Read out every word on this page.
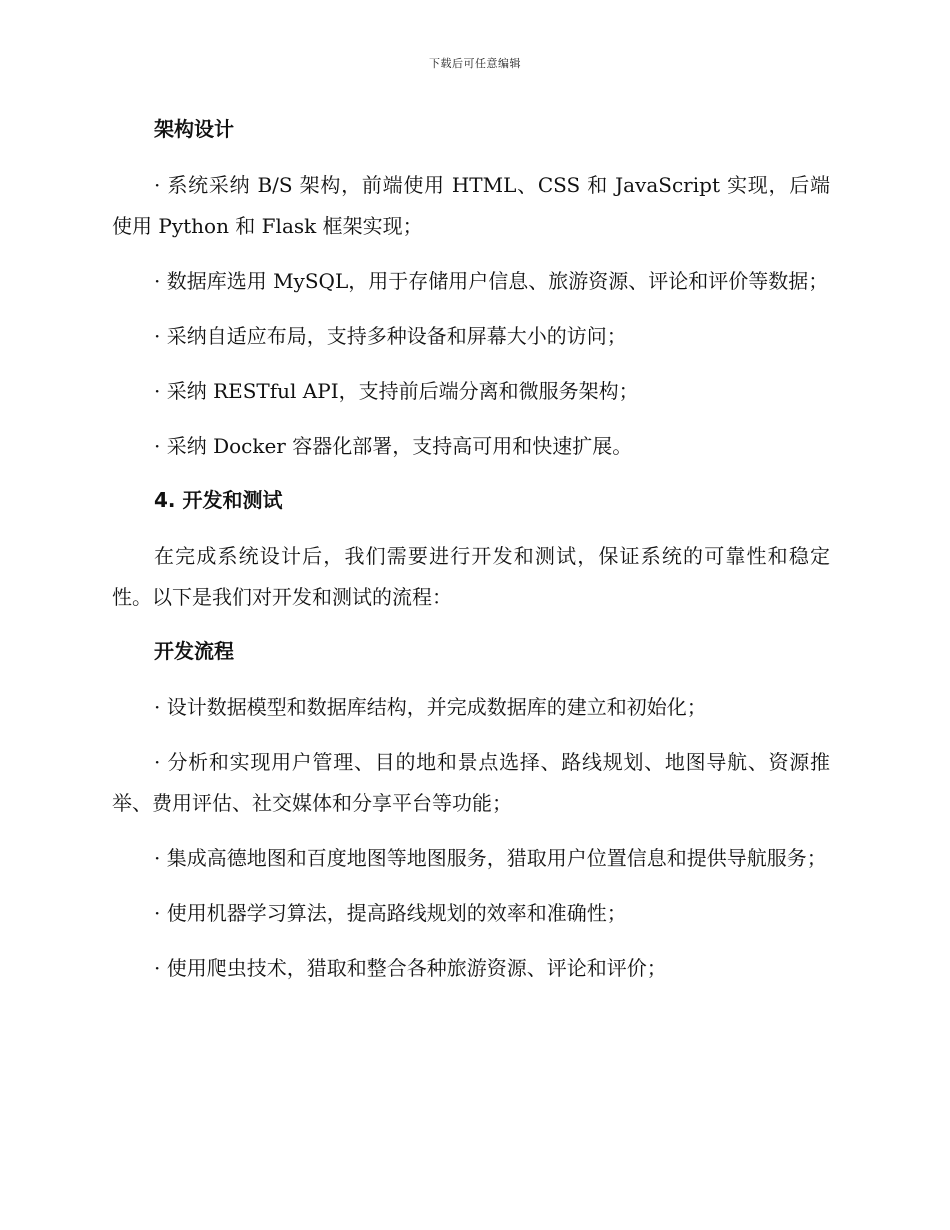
下载后可任意编辑
架构设计
· 系统采纳 B/S 架构，前端使用 HTML、CSS 和 JavaScript 实现，后端使用 Python 和 Flask 框架实现；
· 数据库选用 MySQL，用于存储用户信息、旅游资源、评论和评价等数据；
· 采纳自适应布局，支持多种设备和屏幕大小的访问；
· 采纳 RESTful API，支持前后端分离和微服务架构；
· 采纳 Docker 容器化部署，支持高可用和快速扩展。
4. 开发和测试
在完成系统设计后，我们需要进行开发和测试，保证系统的可靠性和稳定性。以下是我们对开发和测试的流程：
开发流程
· 设计数据模型和数据库结构，并完成数据库的建立和初始化；
· 分析和实现用户管理、目的地和景点选择、路线规划、地图导航、资源推举、费用评估、社交媒体和分享平台等功能；
· 集成高德地图和百度地图等地图服务，猎取用户位置信息和提供导航服务；
· 使用机器学习算法，提高路线规划的效率和准确性；
· 使用爬虫技术，猎取和整合各种旅游资源、评论和评价；
